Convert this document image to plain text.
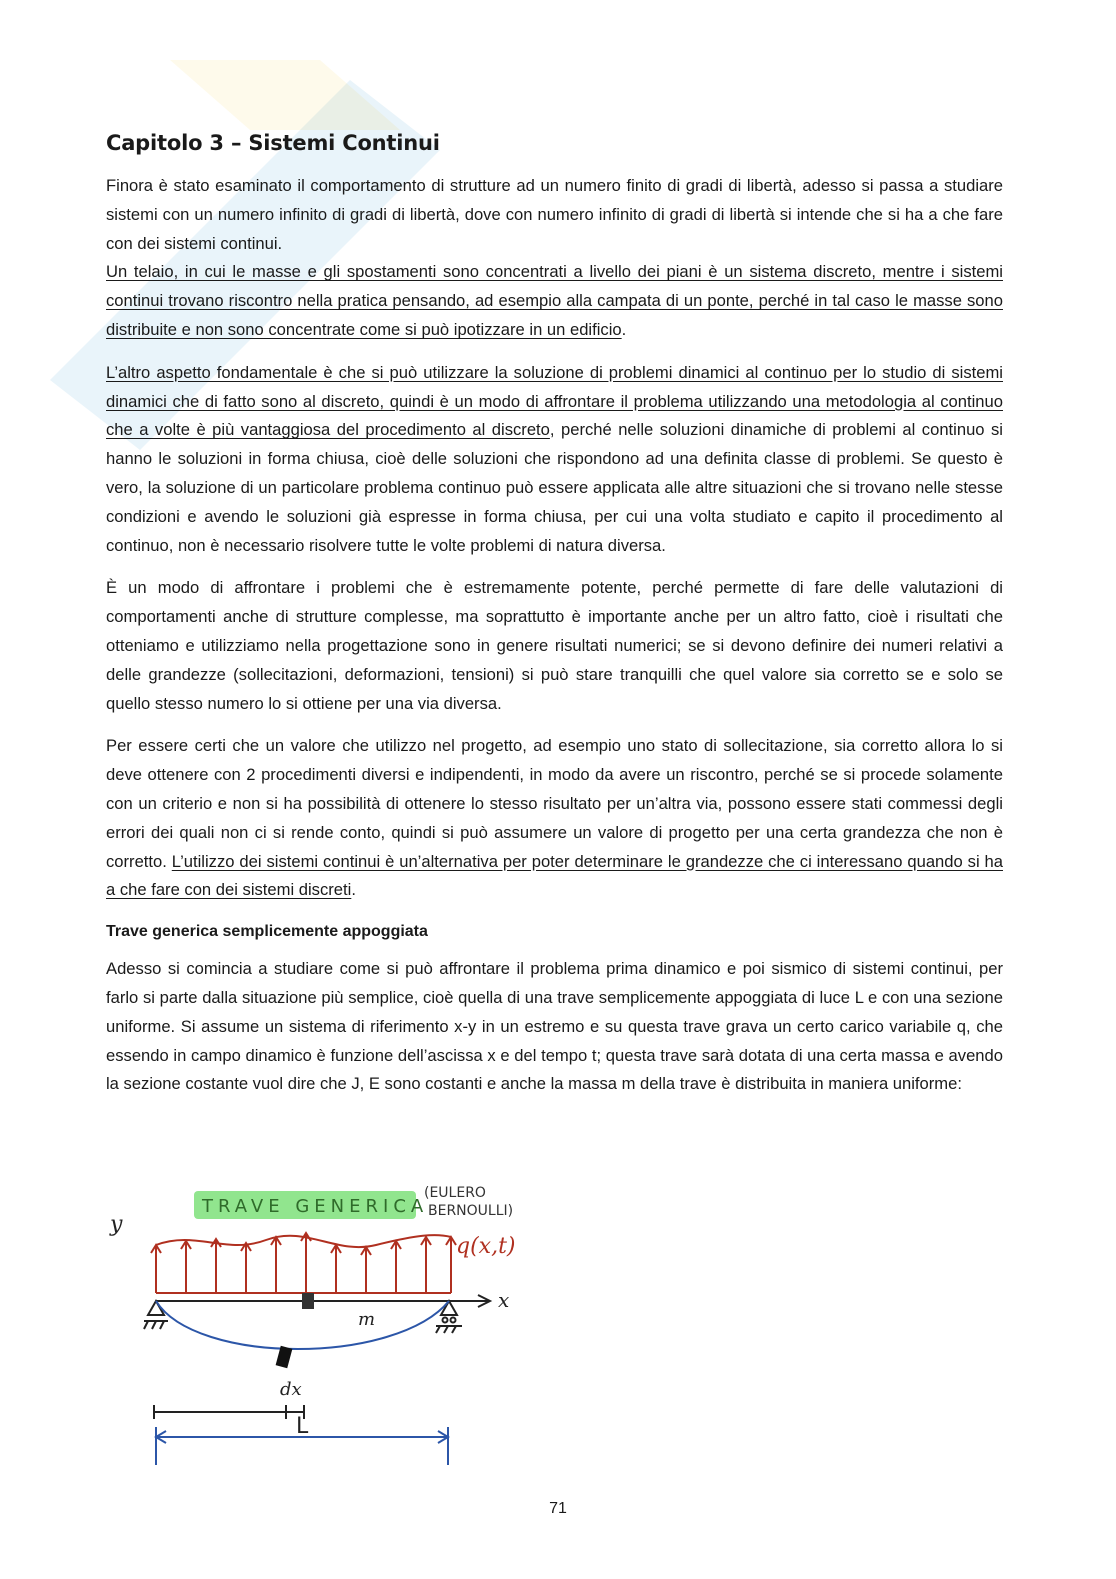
Capitolo 3 – Sistemi Continui

Finora è stato esaminato il comportamento di strutture ad un numero finito di gradi di libertà, adesso si passa a studiare sistemi con un numero infinito di gradi di libertà, dove con numero infinito di gradi di libertà si intende che si ha a che fare con dei sistemi continui.

Un telaio, in cui le masse e gli spostamenti sono concentrati a livello dei piani è un sistema discreto, mentre i sistemi continui trovano riscontro nella pratica pensando, ad esempio alla campata di un ponte, perché in tal caso le masse sono distribuite e non sono concentrate come si può ipotizzare in un edificio.

L’altro aspetto fondamentale è che si può utilizzare la soluzione di problemi dinamici al continuo per lo studio di sistemi dinamici che di fatto sono al discreto, quindi è un modo di affrontare il problema utilizzando una metodologia al continuo che a volte è più vantaggiosa del procedimento al discreto, perché nelle soluzioni dinamiche di problemi al continuo si hanno le soluzioni in forma chiusa, cioè delle soluzioni che rispondono ad una definita classe di problemi. Se questo è vero, la soluzione di un particolare problema continuo può essere applicata alle altre situazioni che si trovano nelle stesse condizioni e avendo le soluzioni già espresse in forma chiusa, per cui una volta studiato e capito il procedimento al continuo, non è necessario risolvere tutte le volte problemi di natura diversa.

È un modo di affrontare i problemi che è estremamente potente, perché permette di fare delle valutazioni di comportamenti anche di strutture complesse, ma soprattutto è importante anche per un altro fatto, cioè i risultati che otteniamo e utilizziamo nella progettazione sono in genere risultati numerici; se si devono definire dei numeri relativi a delle grandezze (sollecitazioni, deformazioni, tensioni) si può stare tranquilli che quel valore sia corretto se e solo se quello stesso numero lo si ottiene per una via diversa.

Per essere certi che un valore che utilizzo nel progetto, ad esempio uno stato di sollecitazione, sia corretto allora lo si deve ottenere con 2 procedimenti diversi e indipendenti, in modo da avere un riscontro, perché se si procede solamente con un criterio e non si ha possibilità di ottenere lo stesso risultato per un’altra via, possono essere stati commessi degli errori dei quali non ci si rende conto, quindi si può assumere un valore di progetto per una certa grandezza che non è corretto. L’utilizzo dei sistemi continui è un’alternativa per poter determinare le grandezze che ci interessano quando si ha a che fare con dei sistemi discreti.

Trave generica semplicemente appoggiata

Adesso si comincia a studiare come si può affrontare il problema prima dinamico e poi sismico di sistemi continui, per farlo si parte dalla situazione più semplice, cioè quella di una trave semplicemente appoggiata di luce L e con una sezione uniforme. Si assume un sistema di riferimento x-y in un estremo e su questa trave grava un certo carico variabile q, che essendo in campo dinamico è funzione dell’ascissa x e del tempo t; questa trave sarà dotata di una certa massa e avendo la sezione costante vuol dire che J, E sono costanti e anche la massa m della trave è distribuita in maniera uniforme:

TRAVE GENERICA
(EULERO
BERNOULLI)
y
q(x,t)
x
m
dx
L
71
